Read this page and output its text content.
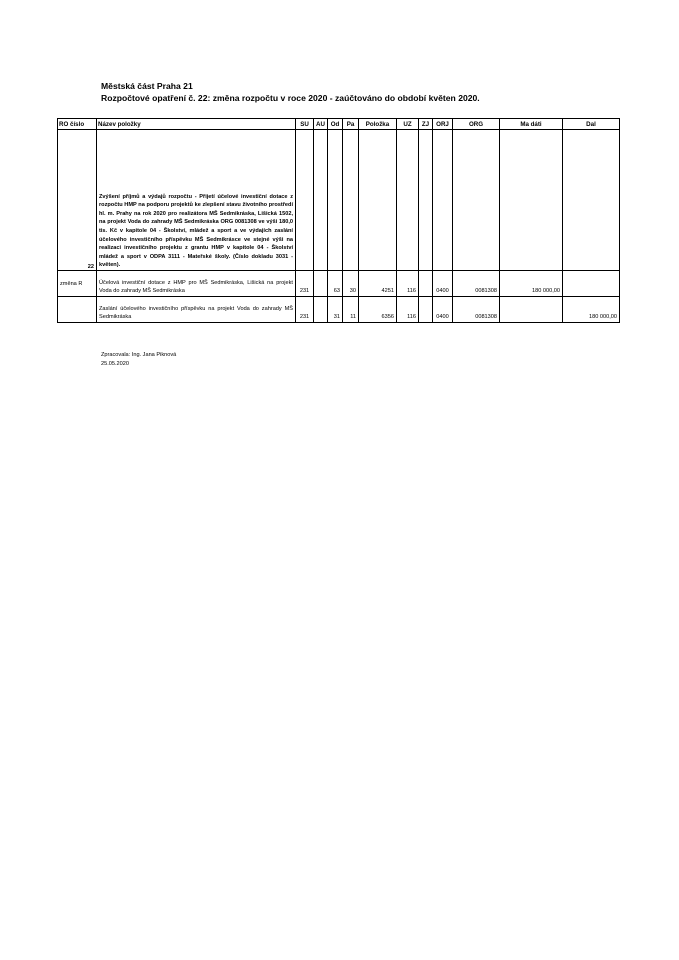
Městská část Praha 21
Rozpočtové opatření č. 22: změna rozpočtu v roce 2020 - zaúčtováno do období květen 2020.
RO číslo	Název položky	SU	AU	Od	Pa	Položka	UZ	ZJ	ORJ	ORG	Ma dáti	Dal
22	Zvýšení příjmů a výdajů rozpočtu - Přijetí účelové investiční dotace z rozpočtu HMP na podporu projektů ke zlepšení stavu životního prostředí hl. m. Prahy na rok 2020 pro realizátora MŠ Sedmikráska, Lišická 1502, na projekt Voda do zahrady MŠ Sedmikráska ORG 0081308 ve výši 180,0 tis. Kč v kapitole 04 - Školství, mládež a sport a ve výdajích zaslání účelového investičního příspěvku MŠ Sedmikrásce ve stejné výši na realizaci investičního projektu z grantu HMP v kapitole 04 - Školství mládež a sport v ODPA 3111 - Mateřské školy. (Číslo dokladu 3031 - květen).											
změna R	Účelová investiční dotace z HMP pro MŠ Sedmikráska, Lišická na projekt Voda do zahrady MŠ Sedmikráska	231		63	30	4251	116		0400	0081308	180 000,00	
	Zaslání účelového investičního příspěvku na projekt Voda do zahrady MŠ Sedmikráska	231		31	11	6356	116		0400	0081308		180 000,00
Zpracovala: Ing. Jana Piknová
25.05.2020
